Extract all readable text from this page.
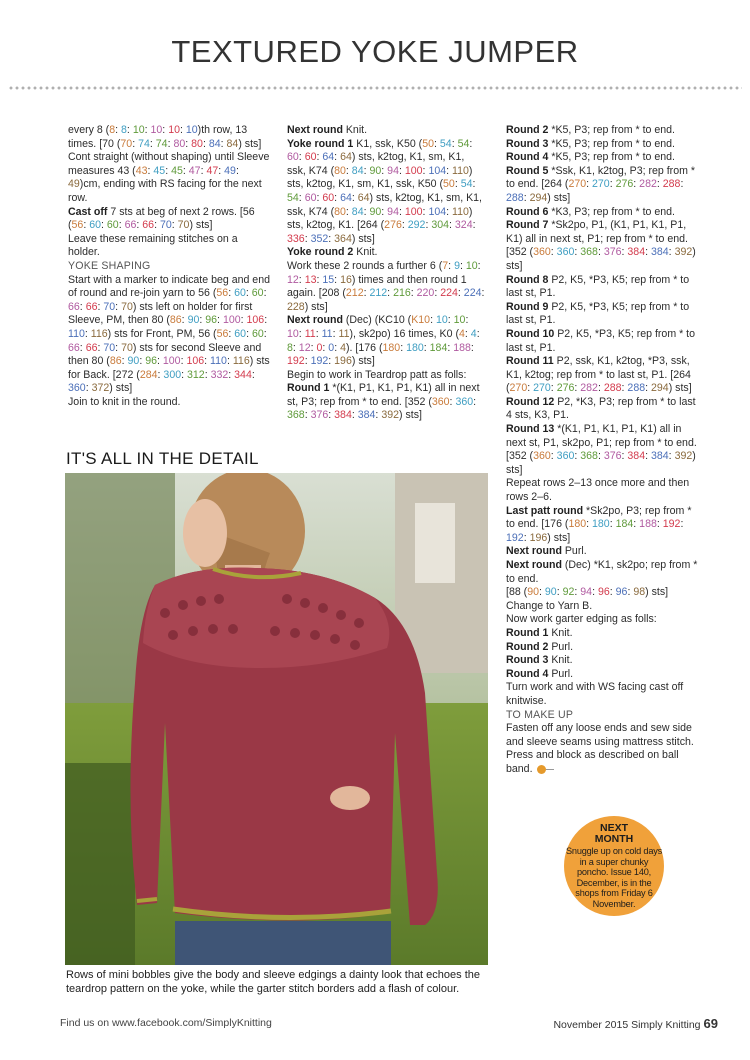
TEXTURED YOKE JUMPER

every 8 (8: 8: 10: 10: 10: 10)th row, 13 times. [70 (70: 74: 74: 80: 80: 84: 84) sts]

Cont straight (without shaping) until Sleeve measures 43 (43: 45: 45: 47: 47: 49: 49)cm, ending with RS facing for the next row.

Cast off 7 sts at beg of next 2 rows. [56 (56: 60: 60: 66: 66: 70: 70) sts]

Leave these remaining stitches on a holder.

YOKE SHAPING

Start with a marker to indicate beg and end of round and re-join yarn to 56 (56: 60: 60: 66: 66: 70: 70) sts left on holder for first Sleeve, PM, then 80 (86: 90: 96: 100: 106: 110: 116) sts for Front, PM, 56 (56: 60: 60: 66: 66: 70: 70) sts for second Sleeve and then 80 (86: 90: 96: 100: 106: 110: 116) sts for Back. [272 (284: 300: 312: 332: 344: 360: 372) sts]

Join to knit in the round.

Next round Knit.

Yoke round 1 K1, ssk, K50 (50: 54: 54: 60: 60: 64: 64) sts, k2tog, K1, sm, K1, ssk, K74 (80: 84: 90: 94: 100: 104: 110) sts, k2tog, K1, sm, K1, ssk, K50 (50: 54: 54: 60: 60: 64: 64) sts, k2tog, K1, sm, K1, ssk, K74 (80: 84: 90: 94: 100: 104: 110) sts, k2tog, K1. [264 (276: 292: 304: 324: 336: 352: 364) sts]

Yoke round 2 Knit.

Work these 2 rounds a further 6 (7: 9: 10: 12: 13: 15: 16) times and then round 1 again. [208 (212: 212: 216: 220: 224: 224: 228) sts]

Next round (Dec) (KC10 (K10: 10: 10: 10: 11: 11: 11), sk2po) 16 times, K0 (4: 4: 8: 12: 0: 0: 4). [176 (180: 180: 184: 188: 192: 192: 196) sts]

Begin to work in Teardrop patt as folls:

Round 1 *(K1, P1, K1, P1, K1) all in next st, P3; rep from * to end. [352 (360: 360: 368: 376: 384: 384: 392) sts]

Round 2 *K5, P3; rep from * to end.

Round 3 *K5, P3; rep from * to end.

Round 4 *K5, P3; rep from * to end.

Round 5 *Ssk, K1, k2tog, P3; rep from * to end. [264 (270: 270: 276: 282: 288: 288: 294) sts]

Round 6 *K3, P3; rep from * to end.

Round 7 *Sk2po, P1, (K1, P1, K1, P1, K1) all in next st, P1; rep from * to end. [352 (360: 360: 368: 376: 384: 384: 392) sts]

Round 8 P2, K5, *P3, K5; rep from * to last st, P1.

Round 9 P2, K5, *P3, K5; rep from * to last st, P1.

Round 10 P2, K5, *P3, K5; rep from * to last st, P1.

Round 11 P2, ssk, K1, k2tog, *P3, ssk, K1, k2tog; rep from * to last st, P1. [264 (270: 270: 276: 282: 288: 288: 294) sts]

Round 12 P2, *K3, P3; rep from * to last 4 sts, K3, P1.

Round 13 *(K1, P1, K1, P1, K1) all in next st, P1, sk2po, P1; rep from * to end. [352 (360: 360: 368: 376: 384: 384: 392) sts]

Repeat rows 2–13 once more and then rows 2–6.

Last patt round *Sk2po, P3; rep from * to end. [176 (180: 180: 184: 188: 192: 192: 196) sts]

Next round Purl.

Next round (Dec) *K1, sk2po; rep from * to end.

[88 (90: 90: 92: 94: 96: 96: 98) sts]

Change to Yarn B.

Now work garter edging as folls:

Round 1 Knit.

Round 2 Purl.

Round 3 Knit.

Round 4 Purl.

Turn work and with WS facing cast off knitwise.

TO MAKE UP

Fasten off any loose ends and sew side and sleeve seams using mattress stitch. Press and block as described on ball band.

IT'S ALL IN THE DETAIL

Rows of mini bobbles give the body and sleeve edgings a dainty look that echoes the teardrop pattern on the yoke, while the garter stitch borders add a flash of colour.

NEXT
MONTH
Snuggle up on cold days in a super chunky poncho. Issue 140, December, is in the shops from Friday 6 November.
Find us on www.facebook.com/SimplyKnitting	November 2015 Simply Knitting 69
